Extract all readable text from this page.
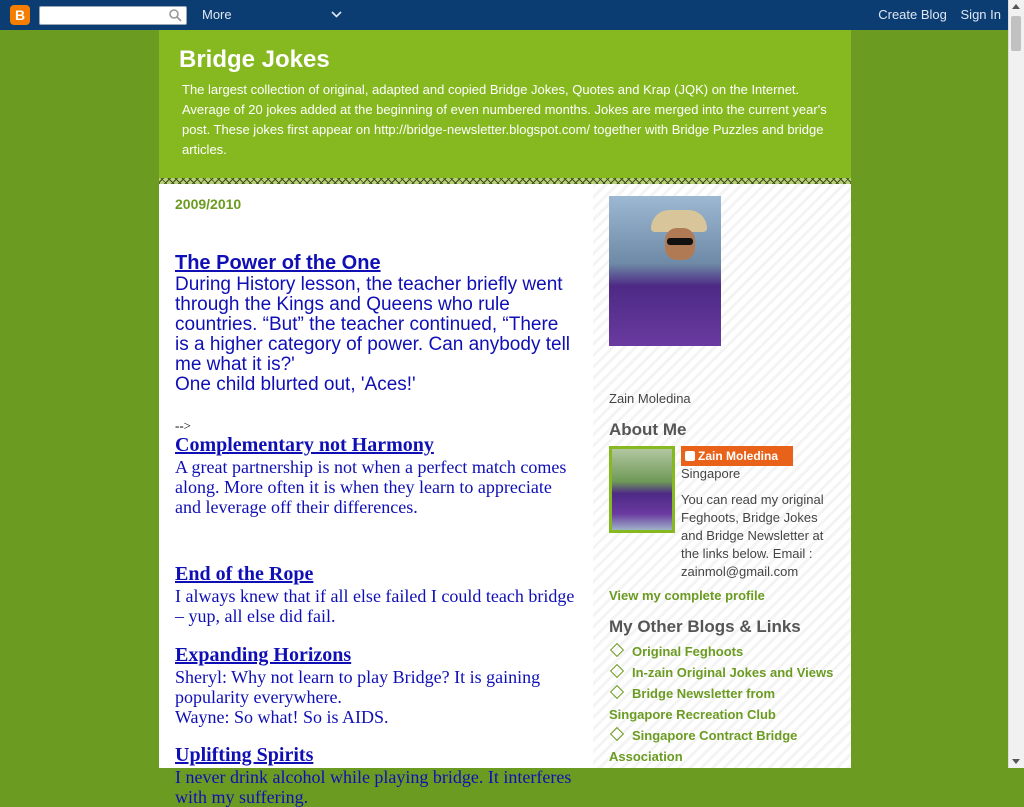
B	More	Create Blog Sign In
Bridge Jokes
The largest collection of original, adapted and copied Bridge Jokes, Quotes and Krap (JQK) on the Internet. Average of 20 jokes added at the beginning of even numbered months. Jokes are merged into the current year's post. These jokes first appear on http://bridge-newsletter.blogspot.com/ together with Bridge Puzzles and bridge articles.
2009/2010
The Power of the One
During History lesson, the teacher briefly went through the Kings and Queens who rule countries. “But” the teacher continued, “There is a higher category of power. Can anybody tell me what it is?'
One child blurted out, 'Aces!'
-->
Complementary not Harmony
A great partnership is not when a perfect match comes along. More often it is when they learn to appreciate and leverage off their differences.
End of the Rope
I always knew that if all else failed I could teach bridge – yup, all else did fail.
Expanding Horizons
Sheryl: Why not learn to play Bridge? It is gaining popularity everywhere.
Wayne: So what! So is AIDS.
Uplifting Spirits
I never drink alcohol while playing bridge. It interferes with my suffering.
Zain Moledina
About Me
Zain Moledina
Singapore
You can read my original Feghoots, Bridge Jokes and Bridge Newsletter at the links below. Email : zainmol@gmail.com
View my complete profile
My Other Blogs & Links
Original Feghoots
In-zain Original Jokes and Views
Bridge Newsletter from Singapore Recreation Club
Singapore Contract Bridge Association
Wikipedia
